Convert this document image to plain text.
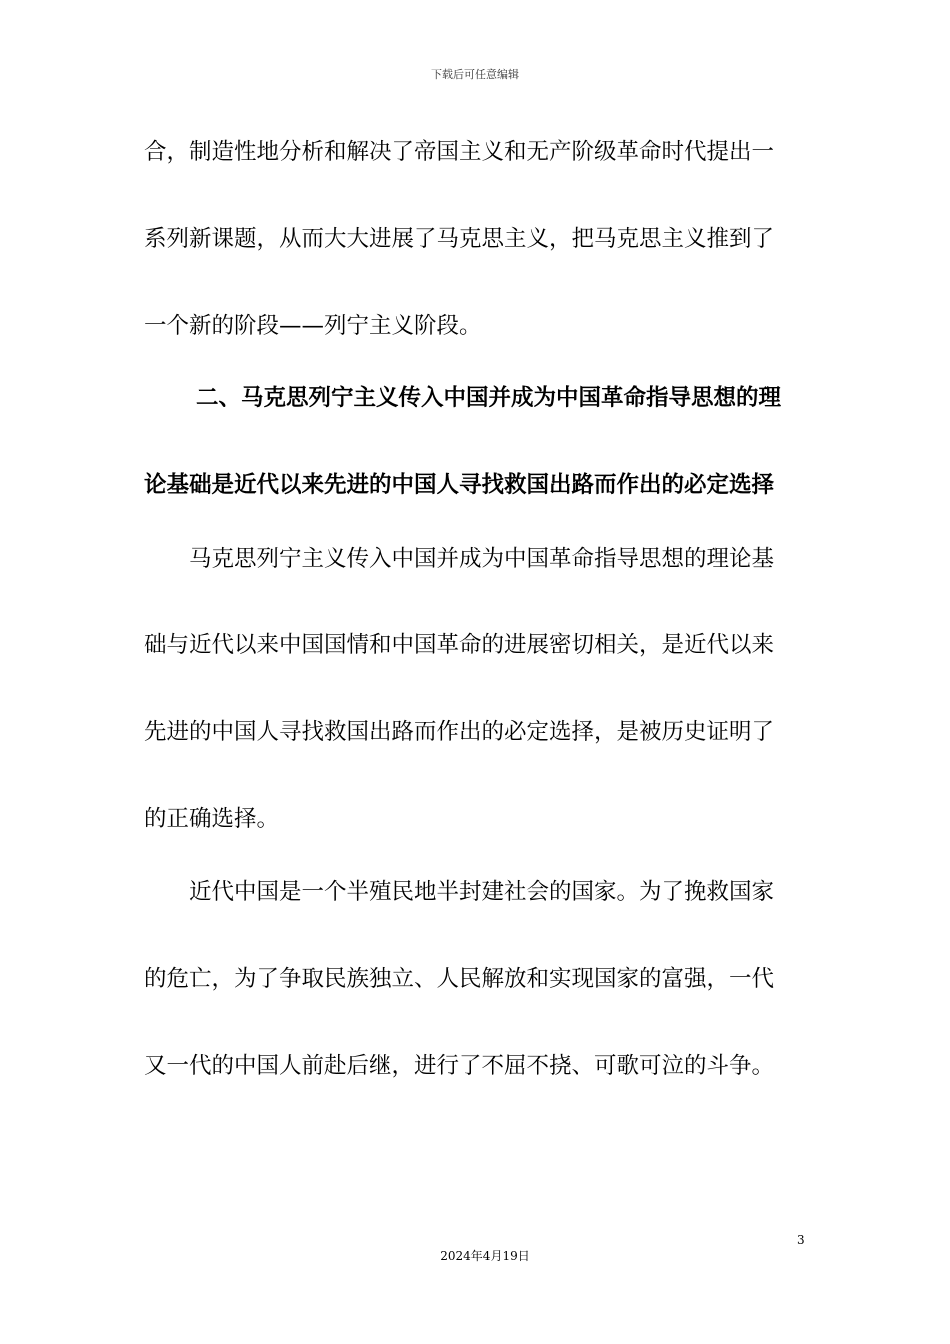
下载后可任意编辑
合，制造性地分析和解决了帝国主义和无产阶级革命时代提出一
系列新课题，从而大大进展了马克思主义，把马克思主义推到了
一个新的阶段——列宁主义阶段。
二、马克思列宁主义传入中国并成为中国革命指导思想的理
论基础是近代以来先进的中国人寻找救国出路而作出的必定选择
马克思列宁主义传入中国并成为中国革命指导思想的理论基
础与近代以来中国国情和中国革命的进展密切相关，是近代以来
先进的中国人寻找救国出路而作出的必定选择，是被历史证明了
的正确选择。
近代中国是一个半殖民地半封建社会的国家。为了挽救国家
的危亡，为了争取民族独立、人民解放和实现国家的富强，一代
又一代的中国人前赴后继，进行了不屈不挠、可歌可泣的斗争。
3
2024年4月19日
